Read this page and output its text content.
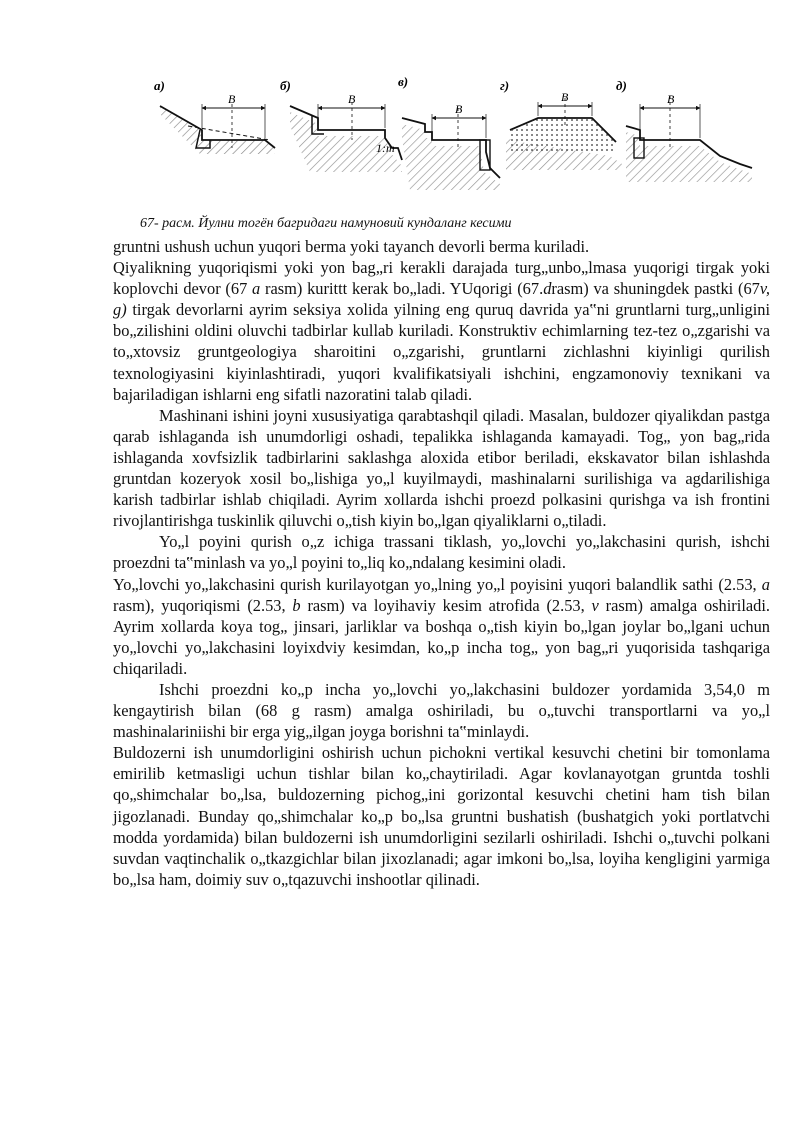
а)
В
б)
В
1:m
в)
В
г)
В
д)
В
67- расм. Йулни тогён багридаги намуновий кундаланг кесими

gruntni ushush uchun yuqori berma yoki tayanch devorli berma kuriladi.

Qiyalikning yuqoriqismi yoki yon bag„ri kerakli darajada turg„unbo„lmasa yuqorigi tirgak yoki koplovchi devor (67 a rasm) kurittt kerak bo„ladi. YUqorigi (67.drasm) va shuningdek pastki (67v, g) tirgak devorlarni ayrim seksiya xolida yilning eng quruq davrida ya‟ni gruntlarni turg„unligini bo„zilishini oldini oluvchi tadbirlar kullab kuriladi. Konstruktiv echimlarning tez-tez o„zgarishi va to„xtovsiz gruntgeologiya sharoitini o„zgarishi, gruntlarni zichlashni kiyinligi qurilish texnologiyasini kiyinlashtiradi, yuqori kvalifikatsiyali ishchini, engzamonoviy texnikani va bajariladigan ishlarni eng sifatli nazoratini talab qiladi.

Mashinani ishini joyni xususiyatiga qarabtashqil qiladi. Masalan, buldozer qiyalikdan pastga qarab ishlaganda ish unumdorligi oshadi, tepalikka ishlaganda kamayadi. Tog„ yon bag„rida ishlaganda xovfsizlik tadbirlarini saklashga aloxida etibor beriladi, ekskavator bilan ishlashda gruntdan kozeryok xosil bo„lishiga yo„l kuyilmaydi, mashinalarni surilishiga va agdarilishiga karish tadbirlar ishlab chiqiladi. Ayrim xollarda ishchi proezd polkasini qurishga va ish frontini rivojlantirishga tuskinlik qiluvchi o„tish kiyin bo„lgan qiyaliklarni o„tiladi.

Yo„l poyini qurish o„z ichiga trassani tiklash, yo„lovchi yo„lakchasini qurish, ishchi proezdni ta‟minlash va yo„l poyini to„liq ko„ndalang kesimini oladi.

Yo„lovchi yo„lakchasini qurish kurilayotgan yo„lning yo„l poyisini yuqori balandlik sathi (2.53, a rasm), yuqoriqismi (2.53, b rasm) va loyihaviy kesim atrofida (2.53, v rasm) amalga oshiriladi. Ayrim xollarda koya tog„ jinsari, jarliklar va boshqa o„tish kiyin bo„lgan joylar bo„lgani uchun yo„lovchi yo„lakchasini loyixdviy kesimdan, ko„p incha tog„ yon bag„ri yuqorisida tashqariga chiqariladi.

Ishchi proezdni ko„p incha yo„lovchi yo„lakchasini buldozer yordamida 3,54,0 m kengaytirish bilan (68 g rasm) amalga oshiriladi, bu o„tuvchi transportlarni va yo„l mashinalariniishi bir erga yig„ilgan joyga borishni ta‟minlaydi.

Buldozerni ish unumdorligini oshirish uchun pichokni vertikal kesuvchi chetini bir tomonlama emirilib ketmasligi uchun tishlar bilan ko„chaytiriladi. Agar kovlanayotgan gruntda toshli qo„shimchalar bo„lsa, buldozerning pichog„ini gorizontal kesuvchi chetini ham tish bilan jigozlanadi. Bunday qo„shimchalar ko„p bo„lsa gruntni bushatish (bushatgich yoki portlatvchi modda yordamida) bilan buldozerni ish unumdorligini sezilarli oshiriladi. Ishchi o„tuvchi polkani suvdan vaqtinchalik o„tkazgichlar bilan jixozlanadi; agar imkoni bo„lsa, loyiha kengligini yarmiga bo„lsa ham, doimiy suv o„tqazuvchi inshootlar qilinadi.
